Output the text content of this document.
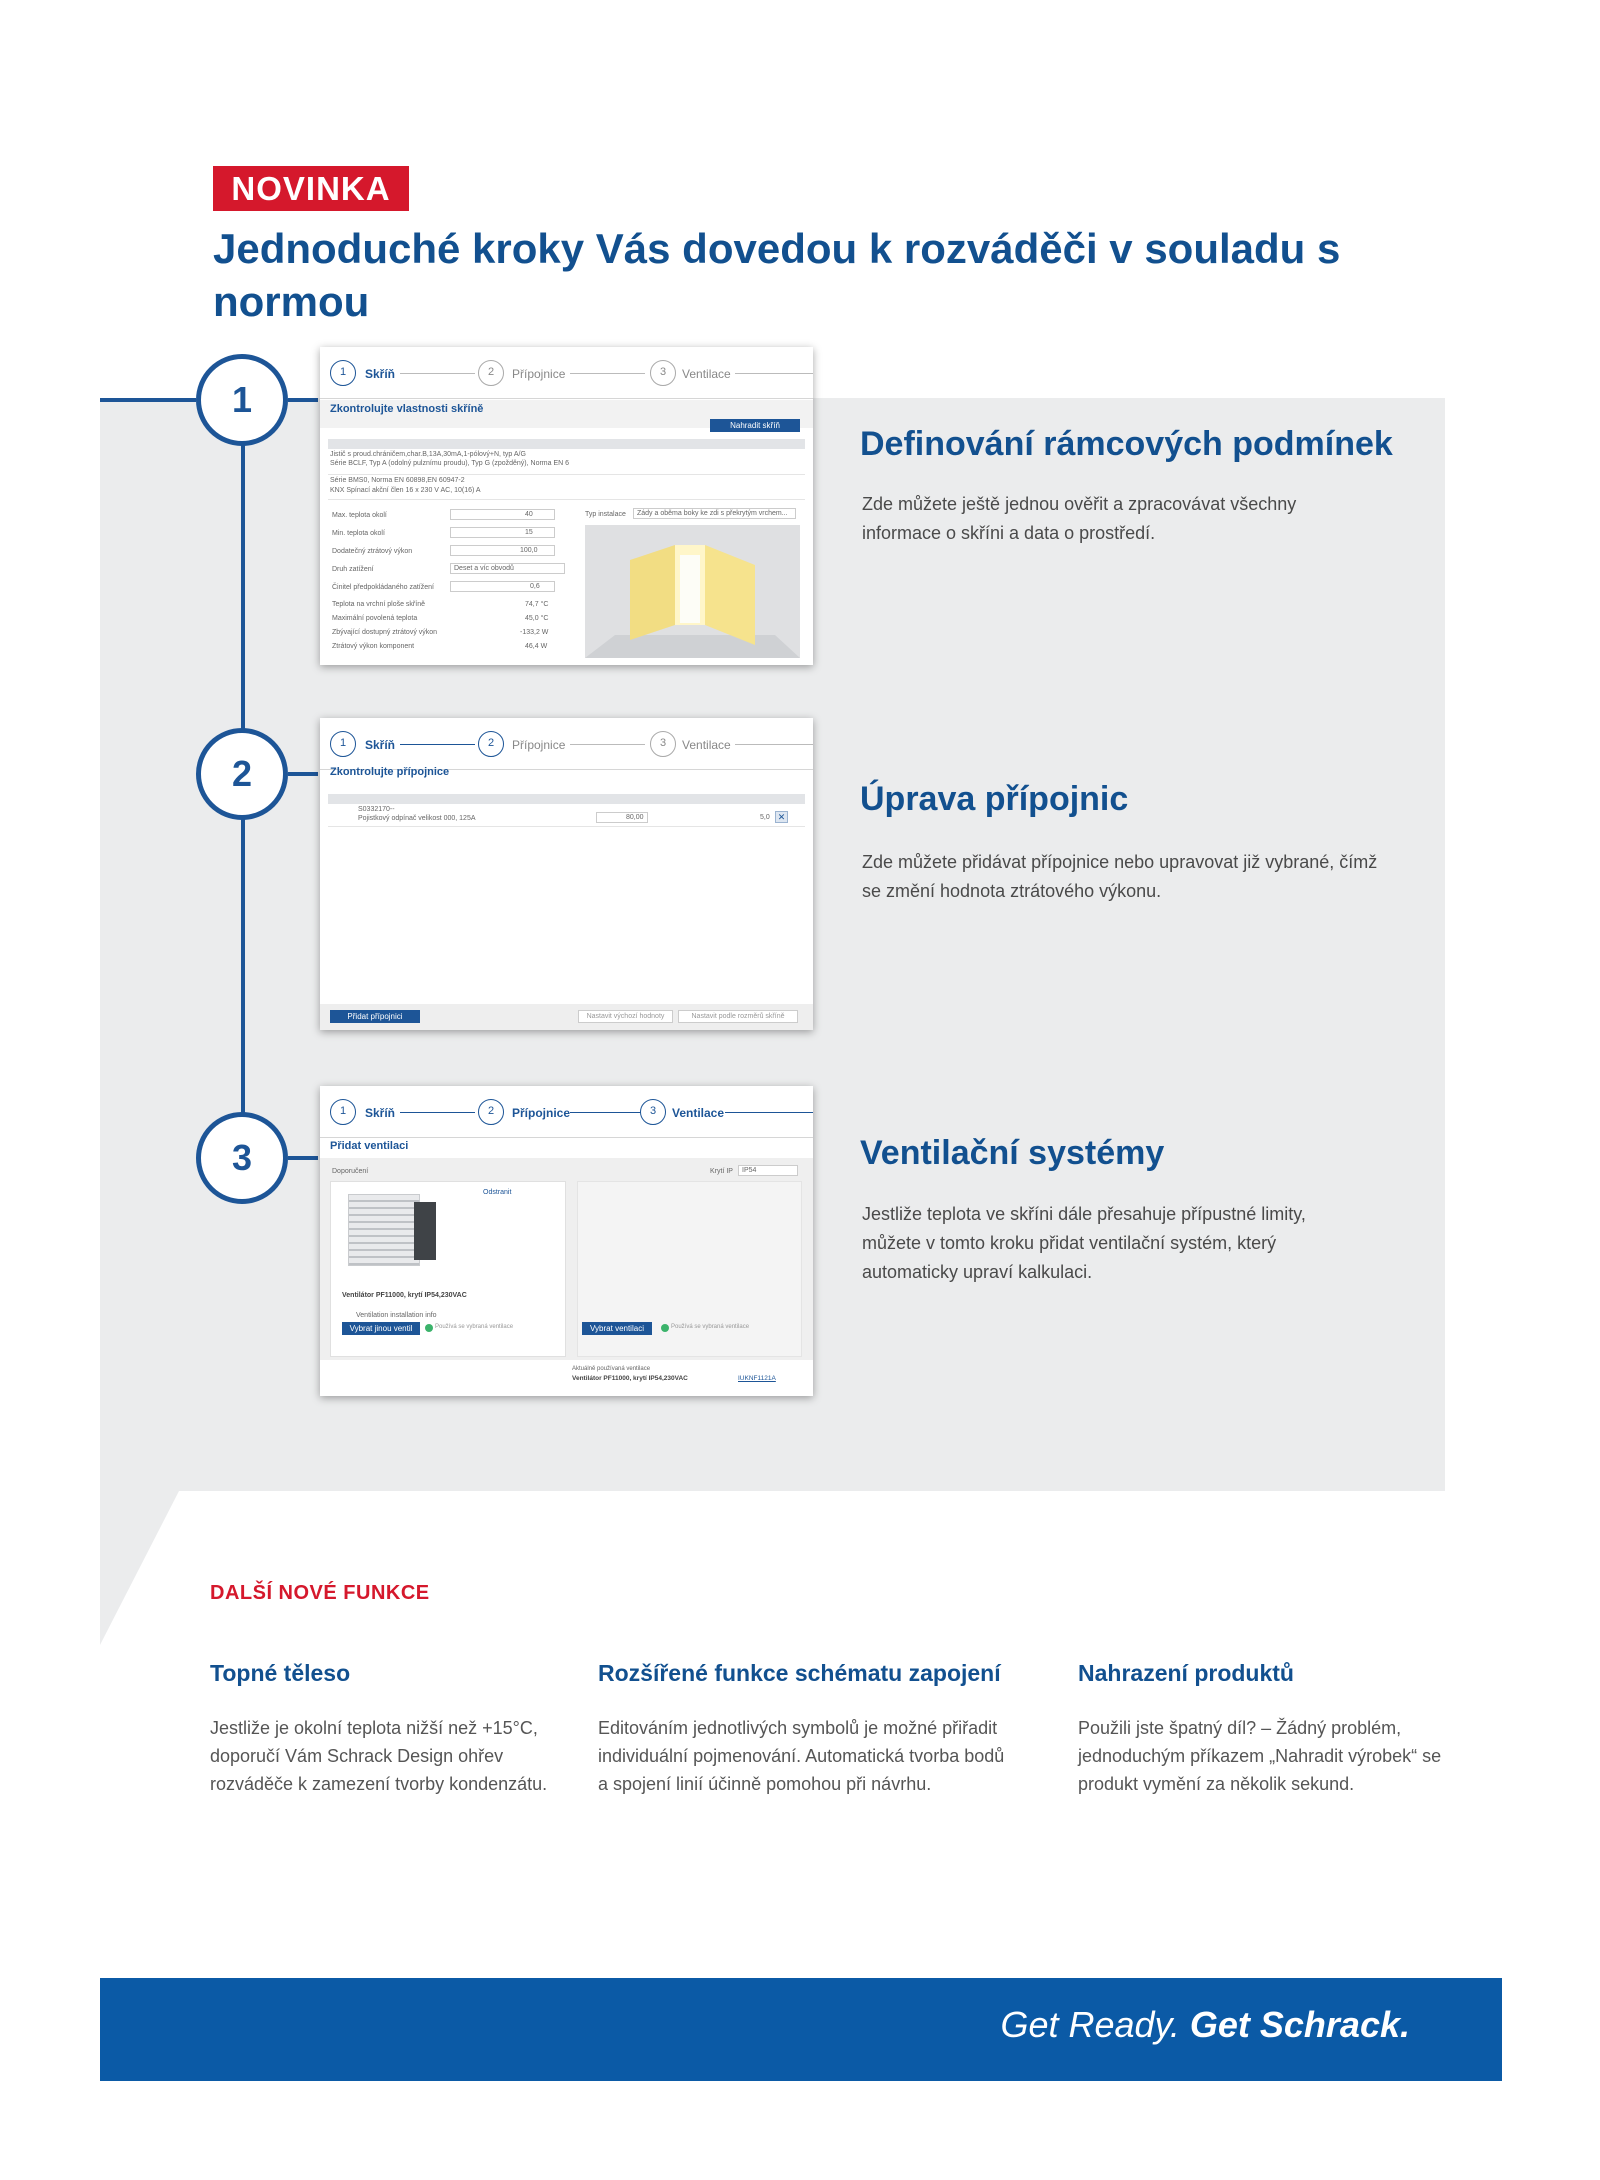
NOVINKA
Jednoduché kroky Vás dovedou k rozváděči v souladu s normou
1
2
3
1	Skříň	2	Přípojnice	3	Ventilace
Zkontrolujte vlastnosti skříně
Nahradit skříň
Jistič s proud.chráničem,char.B,13A,30mA,1-pólový+N, typ A/G
Série BCLF, Typ A (odolný pulznímu proudu), Typ G (zpožděný), Norma EN 6
Série BMS0, Norma EN 60898,EN 60947-2
KNX Spínací akční člen 16 x 230 V AC, 10(16) A
Max. teplota okolí	40
Min. teplota okolí	15
Dodatečný ztrátový výkon	100,0
Druh zatížení	Deset a víc obvodů
Činitel předpokládaného zatížení	0,6
Teplota na vrchní ploše skříně	74,7 °C
Maximální povolená teplota	45,0 °C
Zbývající dostupný ztrátový výkon	-133,2 W
Ztrátový výkon komponent	46,4 W
Typ instalace Zády a oběma boky ke zdi s překrytým vrchem...
1	Skříň	2	Přípojnice	3	Ventilace
Zkontrolujte přípojnice
S0332170--
Pojistkový odpínač velikost 000, 125A	80,00	5,0 ✕
Přidat přípojnici	Nastavit výchozí hodnoty	Nastavit podle rozměrů skříně
1	Skříň	2	Přípojnice	3	Ventilace
Přidat ventilaci
Doporučení	Krytí IP IP54
Odstranit
Ventilátor PF11000, krytí IP54,230VAC
Ventilation installation info
Vybrat jinou ventil	Používá se vybraná ventilace	Vybrat ventilaci	Používá se vybraná ventilace
Aktuálně používaná ventilace
Ventilátor PF11000, krytí IP54,230VAC	IUKNF1121A
Definování rámcových podmínek
Zde můžete ještě jednou ověřit a zpracovávat všechny informace o skříni a data o prostředí.
Úprava přípojnic
Zde můžete přidávat přípojnice nebo upravovat již vybrané, čímž se změní hodnota ztrátového výkonu.
Ventilační systémy
Jestliže teplota ve skříni dále přesahuje přípustné limity, můžete v tomto kroku přidat ventilační systém, který automaticky upraví kalkulaci.
DALŠÍ NOVÉ FUNKCE
Topné těleso
Jestliže je okolní teplota nižší než +15°C, doporučí Vám Schrack Design ohřev rozváděče k zamezení tvorby kondenzátu.
Rozšířené funkce schématu zapojení
Editováním jednotlivých symbolů je možné přiřadit individuální pojmenování. Automatická tvorba bodů a spojení linií účinně pomohou při návrhu.
Nahrazení produktů
Použili jste špatný díl? – Žádný problém, jednoduchým příkazem „Nahradit výrobek“ se produkt vymění za několik sekund.
Get Ready. Get Schrack.
